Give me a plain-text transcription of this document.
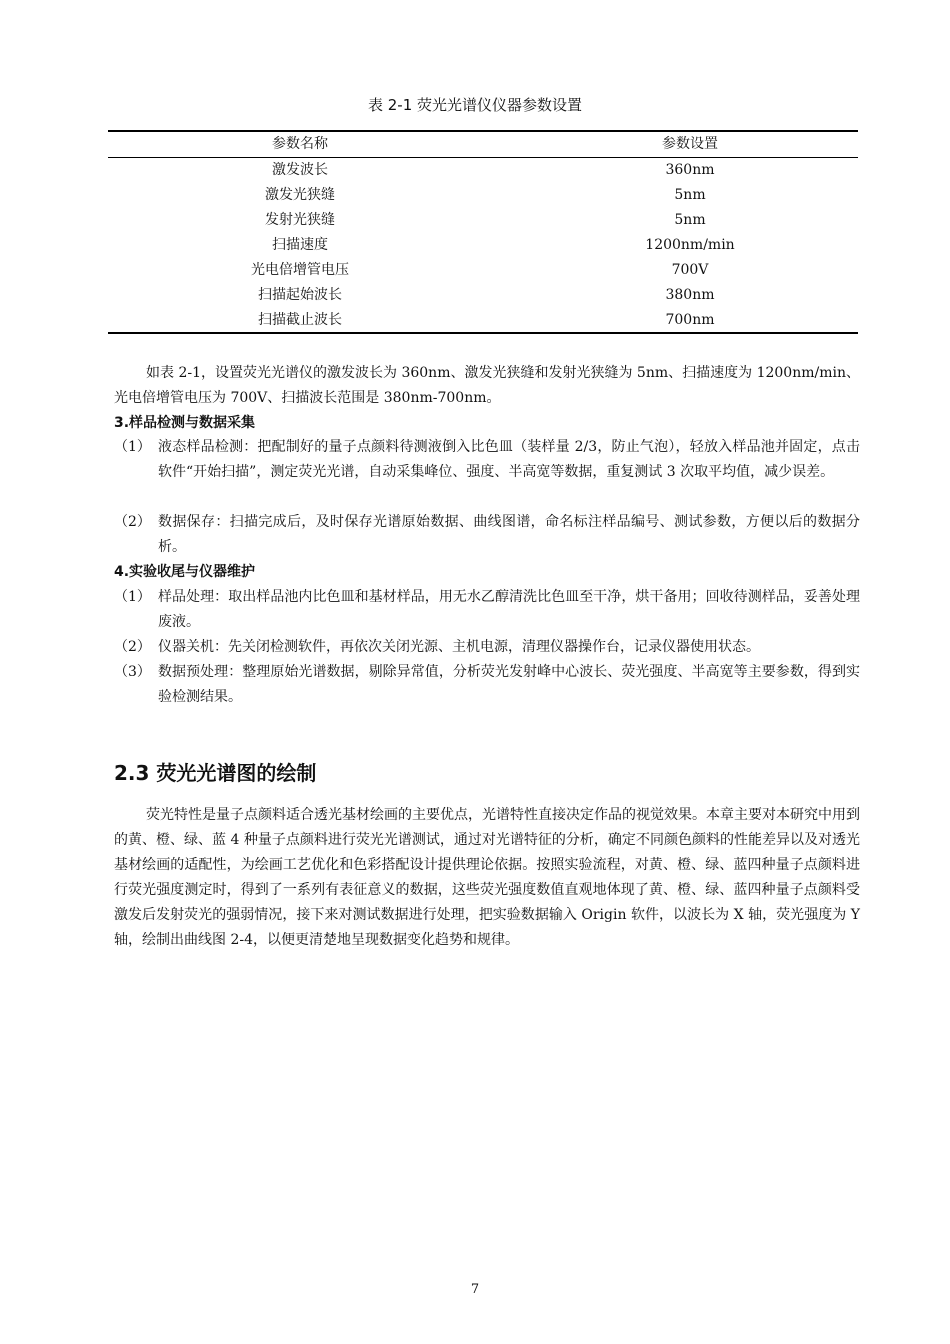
表 2-1 荧光光谱仪仪器参数设置
参数名称	参数设置
激发波长	360nm
激发光狭缝	5nm
发射光狭缝	5nm
扫描速度	1200nm/min
光电倍增管电压	700V
扫描起始波长	380nm
扫描截止波长	700nm

如表 2-1，设置荧光光谱仪的激发波长为 360nm、激发光狭缝和发射光狭缝为 5nm、扫描速度为 1200nm/min、光电倍增管电压为 700V、扫描波长范围是 380nm-700nm。

3.样品检测与数据采集
（1） 液态样品检测：把配制好的量子点颜料待测液倒入比色皿（装样量 2/3，防止气泡），轻放入样品池并固定，点击软件“开始扫描”，测定荧光光谱，自动采集峰位、强度、半高宽等数据，重复测试 3 次取平均值，减少误差。
（2） 数据保存：扫描完成后，及时保存光谱原始数据、曲线图谱，命名标注样品编号、测试参数，方便以后的数据分析。
4.实验收尾与仪器维护
（1） 样品处理：取出样品池内比色皿和基材样品，用无水乙醇清洗比色皿至干净，烘干备用；回收待测样品，妥善处理废液。
（2） 仪器关机：先关闭检测软件，再依次关闭光源、主机电源，清理仪器操作台，记录仪器使用状态。
（3） 数据预处理：整理原始光谱数据，剔除异常值，分析荧光发射峰中心波长、荧光强度、半高宽等主要参数，得到实验检测结果。
2.3 荧光光谱图的绘制

荧光特性是量子点颜料适合透光基材绘画的主要优点，光谱特性直接决定作品的视觉效果。本章主要对本研究中用到的黄、橙、绿、蓝 4 种量子点颜料进行荧光光谱测试，通过对光谱特征的分析，确定不同颜色颜料的性能差异以及对透光基材绘画的适配性，为绘画工艺优化和色彩搭配设计提供理论依据。按照实验流程，对黄、橙、绿、蓝四种量子点颜料进行荧光强度测定时，得到了一系列有表征意义的数据，这些荧光强度数值直观地体现了黄、橙、绿、蓝四种量子点颜料受激发后发射荧光的强弱情况，接下来对测试数据进行处理，把实验数据输入 Origin 软件，以波长为 X 轴，荧光强度为 Y 轴，绘制出曲线图 2-4，以便更清楚地呈现数据变化趋势和规律。

7
